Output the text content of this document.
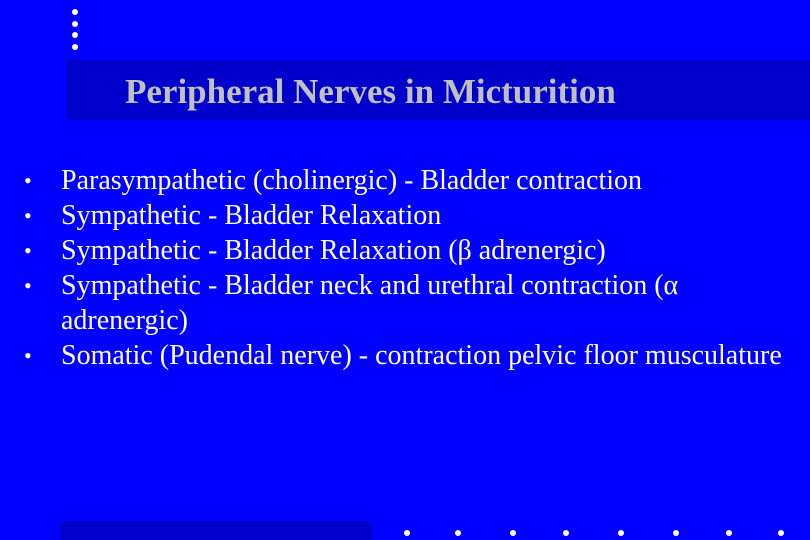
Peripheral Nerves in Micturition
•	Parasympathetic (cholinergic) - Bladder contraction
•	Sympathetic - Bladder Relaxation
•	Sympathetic - Bladder Relaxation (β adrenergic)
•	Sympathetic - Bladder neck and urethral contraction (α adrenergic)
•	Somatic (Pudendal nerve) - contraction pelvic floor musculature
